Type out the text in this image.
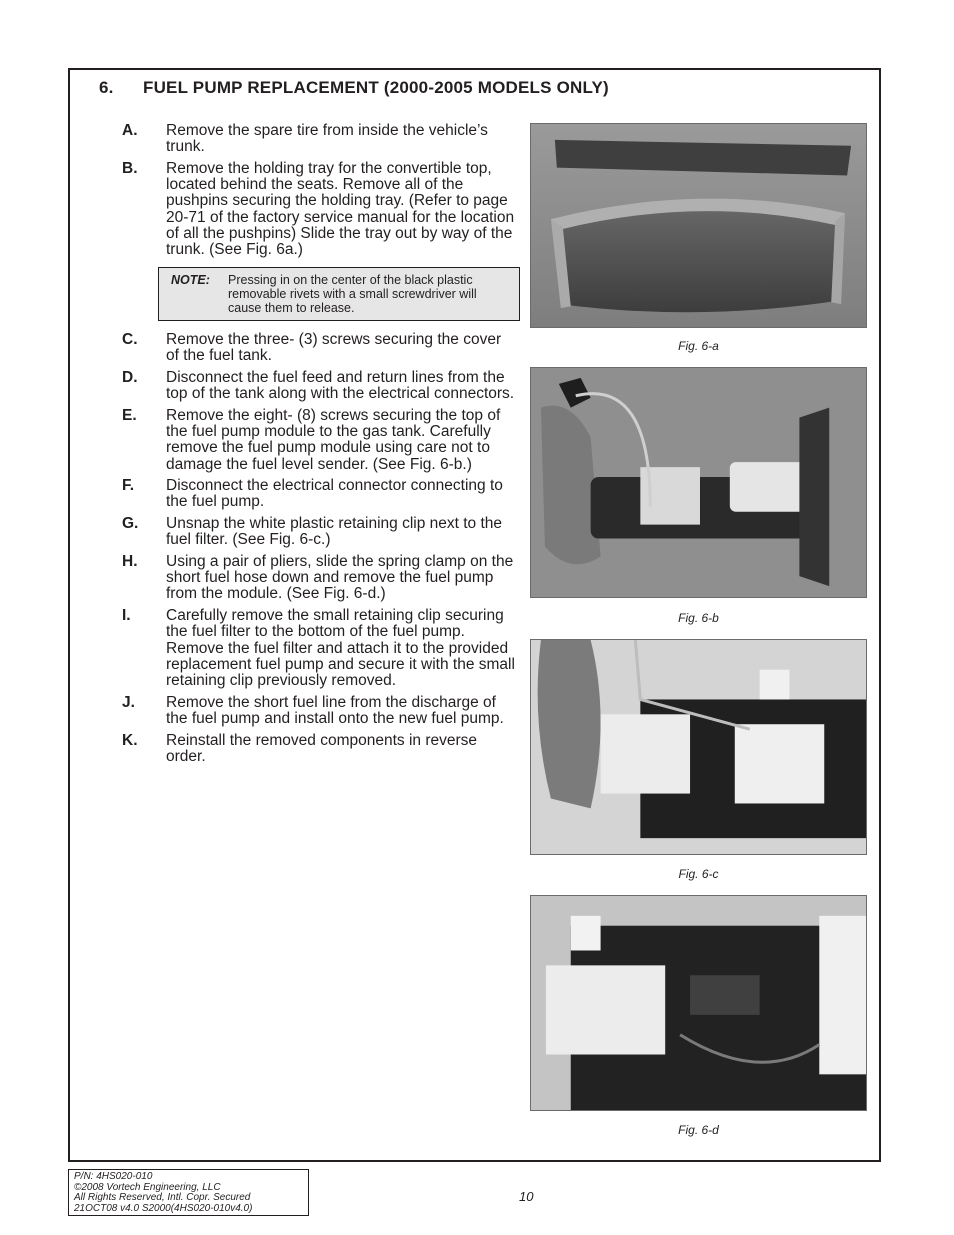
6. FUEL PUMP REPLACEMENT (2000-2005 MODELS ONLY)
A.	Remove the spare tire from inside the vehicle’s trunk.
B.	Remove the holding tray for the convertible top, located behind the seats. Remove all of the pushpins securing the holding tray. (Refer to page 20-71 of the factory service manual for the location of all the pushpins) Slide the tray out by way of the trunk. (See Fig. 6a.)
NOTE:	Pressing in on the center of the black plastic removable rivets with a small screwdriver will cause them to release.
C.	Remove the three- (3) screws securing the cover of the fuel tank.
D.	Disconnect the fuel feed and return lines from the top of the tank along with the electrical connectors.
E.	Remove the eight- (8) screws securing the top of the fuel pump module to the gas tank. Carefully remove the fuel pump module using care not to damage the fuel level sender. (See Fig. 6-b.)
F.	Disconnect the electrical connector connecting to the fuel pump.
G.	Unsnap the white plastic retaining clip next to the fuel filter. (See Fig. 6-c.)
H.	Using a pair of pliers, slide the spring clamp on the short fuel hose down and remove the fuel pump from the module. (See Fig. 6-d.)
I.	Carefully remove the small retaining clip securing the fuel filter to the bottom of the fuel pump. Remove the fuel filter and attach it to the provided replacement fuel pump and secure it with the small retaining clip previously removed.
J.	Remove the short fuel line from the discharge of the fuel pump and install onto the new fuel pump.
K.	Reinstall the removed components in reverse order.
Fig. 6-a
Fig. 6-b
Fig. 6-c
Fig. 6-d
P/N: 4HS020-010
©2008 Vortech Engineering, LLC
All Rights Reserved, Intl. Copr. Secured
21OCT08 v4.0 S2000(4HS020-010v4.0)
10
